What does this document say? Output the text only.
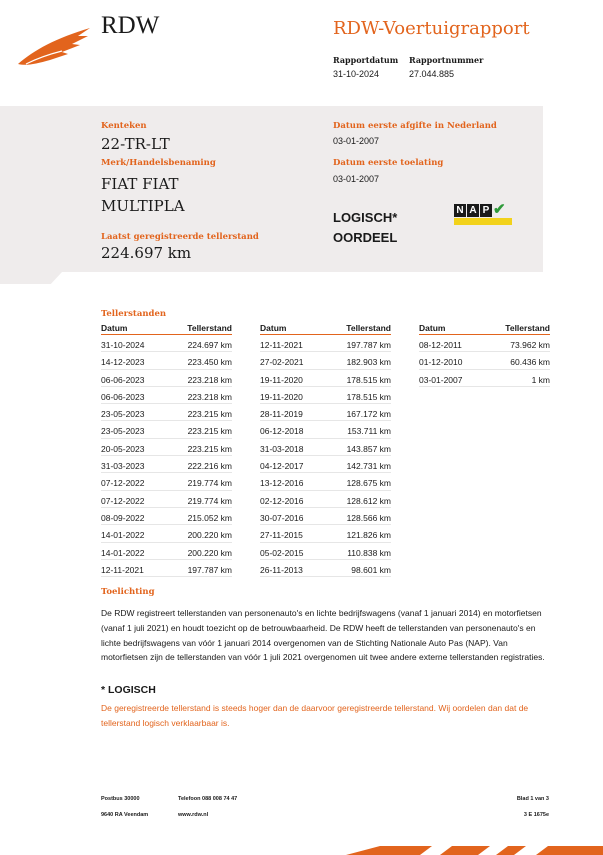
RDW	RDW-Voertuigrapport
Rapportdatum Rapportnummer
31-10-2024	27.044.885
Kenteken
22-TR-LT
Merk/Handelsbenaming
FIAT FIAT
MULTIPLA
Laatst geregistreerde tellerstand
224.697 km
Datum eerste afgifte in Nederland
03-01-2007
Datum eerste toelating
03-01-2007
LOGISCH*
OORDEEL
N A P ✔
Tellerstanden
Datum	Tellerstand
31-10-2024	224.697 km
14-12-2023	223.450 km
06-06-2023	223.218 km
06-06-2023	223.218 km
23-05-2023	223.215 km
23-05-2023	223.215 km
20-05-2023	223.215 km
31-03-2023	222.216 km
07-12-2022	219.774 km
07-12-2022	219.774 km
08-09-2022	215.052 km
14-01-2022	200.220 km
14-01-2022	200.220 km
12-11-2021	197.787 km
Datum	Tellerstand
12-11-2021	197.787 km
27-02-2021	182.903 km
19-11-2020	178.515 km
19-11-2020	178.515 km
28-11-2019	167.172 km
06-12-2018	153.711 km
31-03-2018	143.857 km
04-12-2017	142.731 km
13-12-2016	128.675 km
02-12-2016	128.612 km
30-07-2016	128.566 km
27-11-2015	121.826 km
05-02-2015	110.838 km
26-11-2013	98.601 km
Datum	Tellerstand
08-12-2011	73.962 km
01-12-2010	60.436 km
03-01-2007	1 km
Toelichting
De RDW registreert tellerstanden van personenauto's en lichte bedrijfswagens (vanaf 1 januari 2014) en motorfietsen (vanaf 1 juli 2021) en houdt toezicht op de betrouwbaarheid. De RDW heeft de tellerstanden van personenauto's en lichte bedrijfswagens van vóór 1 januari 2014 overgenomen van de Stichting Nationale Auto Pas (NAP). Van motorfietsen zijn de tellerstanden van vóór 1 juli 2021 overgenomen uit twee andere externe tellerstanden registraties.
* LOGISCH
De geregistreerde tellerstand is steeds hoger dan de daarvoor geregistreerde tellerstand. Wij oordelen dan dat de tellerstand logisch verklaarbaar is.
Postbus 30000
9640 RA Veendam
Telefoon 088 008 74 47
www.rdw.nl
Blad 1 van 3
3 E 1675e
